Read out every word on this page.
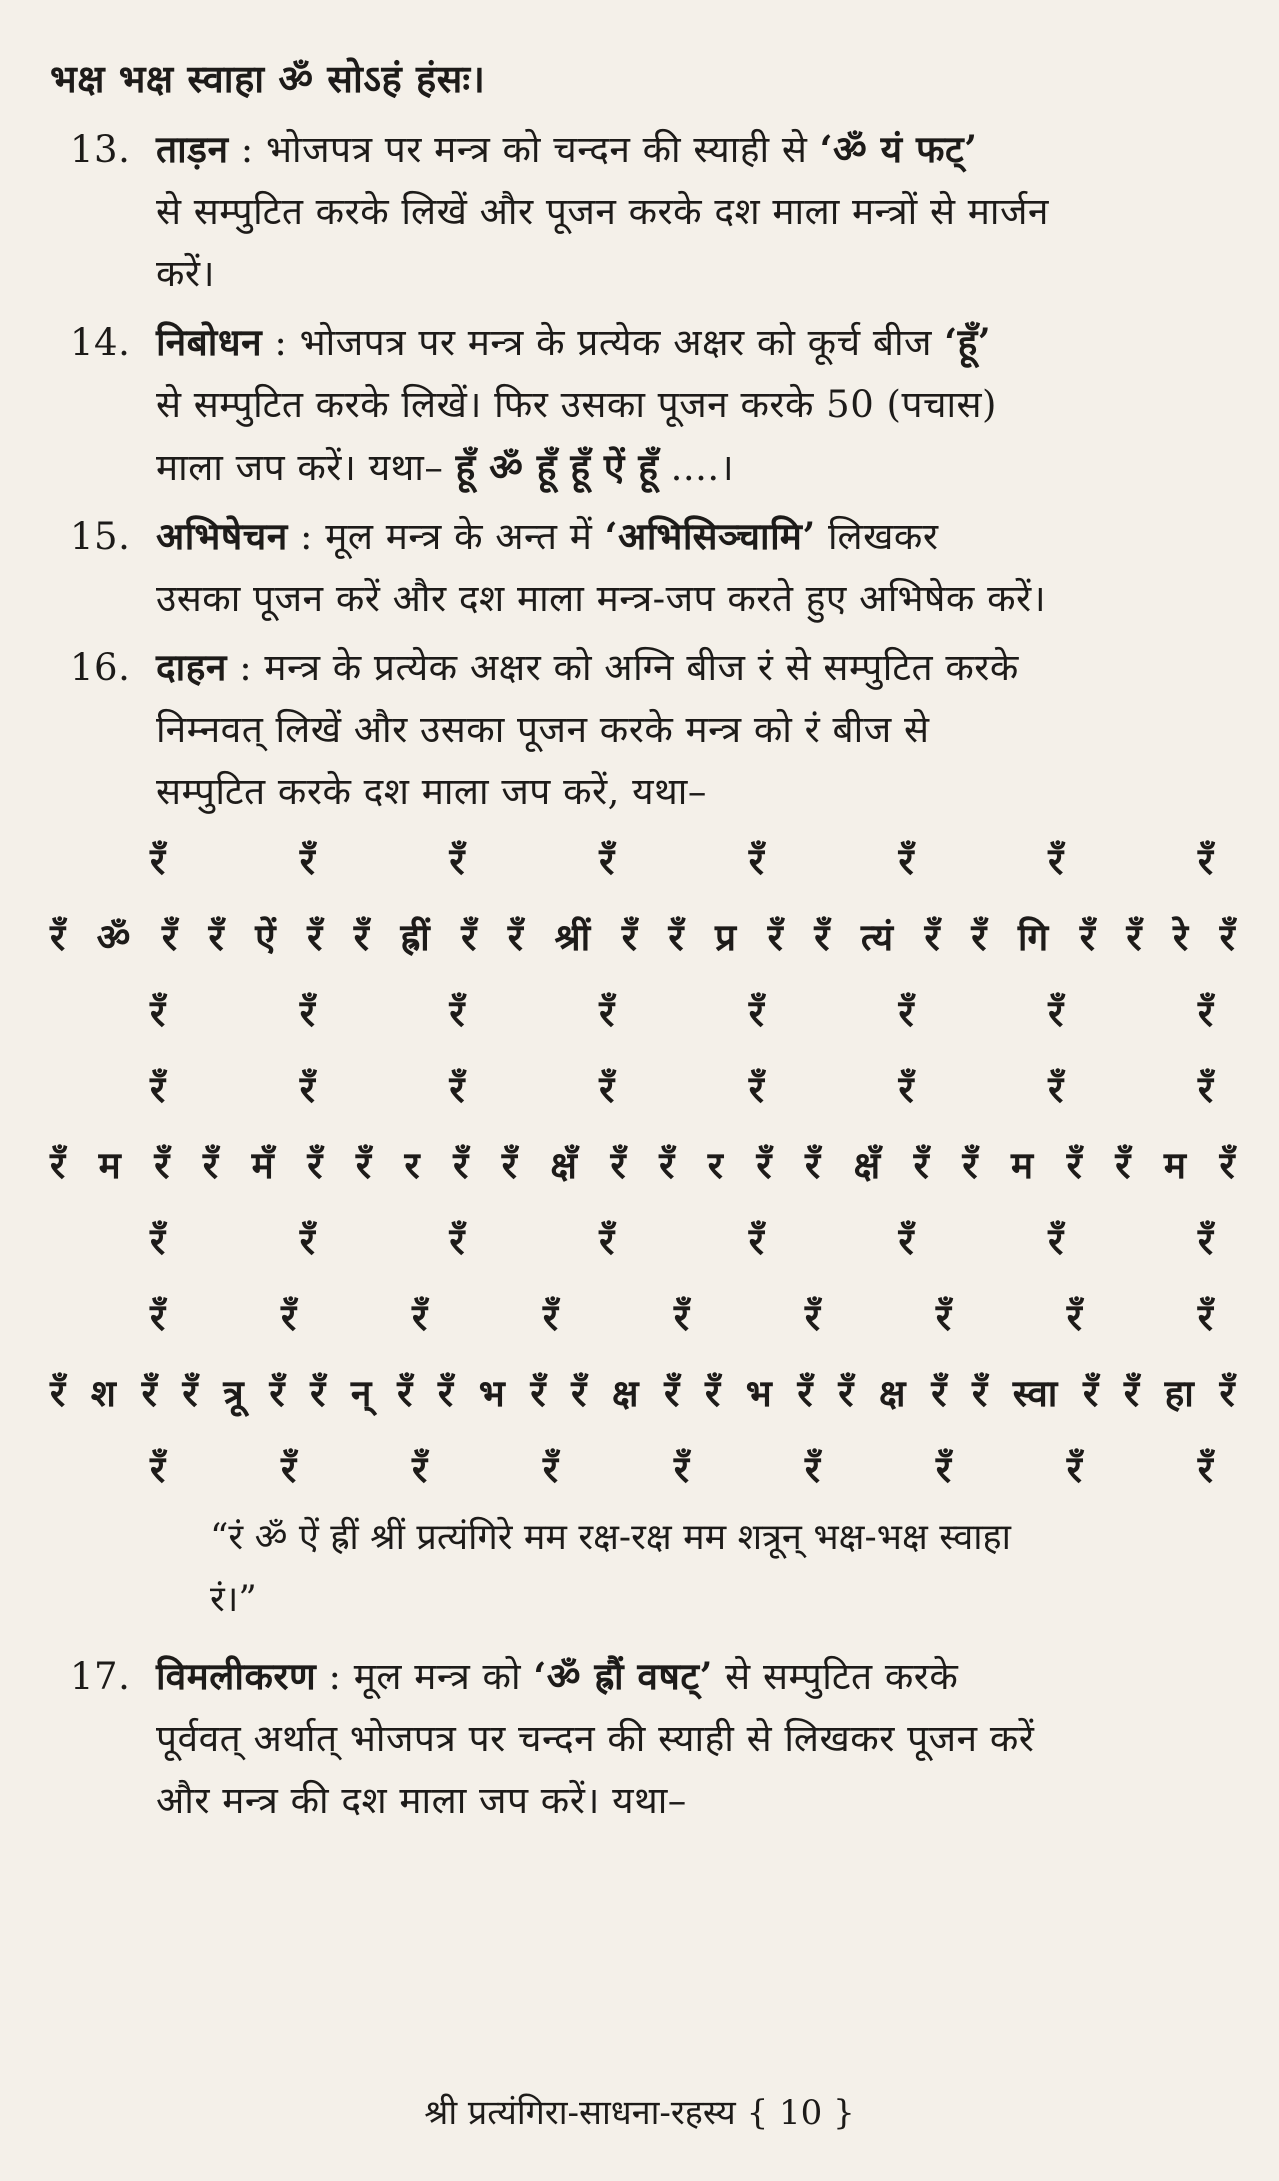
भक्ष भक्ष स्वाहा ॐ सोऽहं हंसः।
13. ताड़न : भोजपत्र पर मन्त्र को चन्दन की स्याही से ‘ॐ यं फट्’
से सम्पुटित करके लिखें और पूजन करके दश माला मन्त्रों से मार्जन
करें।
14. निबोधन : भोजपत्र पर मन्त्र के प्रत्येक अक्षर को कूर्च बीज ‘हूँ’
से सम्पुटित करके लिखें। फिर उसका पूजन करके 50 (पचास)
माला जप करें। यथा– हूँ ॐ हूँ हूँ ऐं हूँ ....।
15. अभिषेचन : मूल मन्त्र के अन्त में ‘अभिसिञ्चामि’ लिखकर
उसका पूजन करें और दश माला मन्त्र-जप करते हुए अभिषेक करें।
16. दाहन : मन्त्र के प्रत्येक अक्षर को अग्नि बीज रं से सम्पुटित करके
निम्नवत् लिखें और उसका पूजन करके मन्त्र को रं बीज से
सम्पुटित करके दश माला जप करें, यथा–
रँ	रँ	रँ	रँ	रँ	रँ	रँ	रँ
रँ ॐ रँ रँ ऐं रँ रँ ह्रीं रँ रँ श्रीं रँ रँ प्र रँ रँ त्यं रँ रँ गि रँ रँ रे रँ
रँ	रँ	रँ	रँ	रँ	रँ	रँ	रँ
रँ	रँ	रँ	रँ	रँ	रँ	रँ	रँ
रँ म रँ रँ मँ रँ रँ र रँ रँ क्षँ रँ रँ र रँ रँ क्षँ रँ रँ म रँ रँ म रँ
रँ	रँ	रँ	रँ	रँ	रँ	रँ	रँ
रँ	रँ	रँ	रँ	रँ	रँ	रँ	रँ	रँ
रँ श रँ रँ त्रू रँ रँ न् रँ रँ भ रँ रँ क्ष रँ रँ भ रँ रँ क्ष रँ रँ स्वा रँ रँ हा रँ
रँ	रँ	रँ	रँ	रँ	रँ	रँ	रँ	रँ
“रं ॐ ऐं ह्रीं श्रीं प्रत्यंगिरे मम रक्ष-रक्ष मम शत्रून् भक्ष-भक्ष स्वाहा
रं।”
17. विमलीकरण : मूल मन्त्र को ‘ॐ ह्रौं वषट्’ से सम्पुटित करके
पूर्ववत् अर्थात् भोजपत्र पर चन्दन की स्याही से लिखकर पूजन करें
और मन्त्र की दश माला जप करें। यथा–
श्री प्रत्यंगिरा-साधना-रहस्य { 10 }
